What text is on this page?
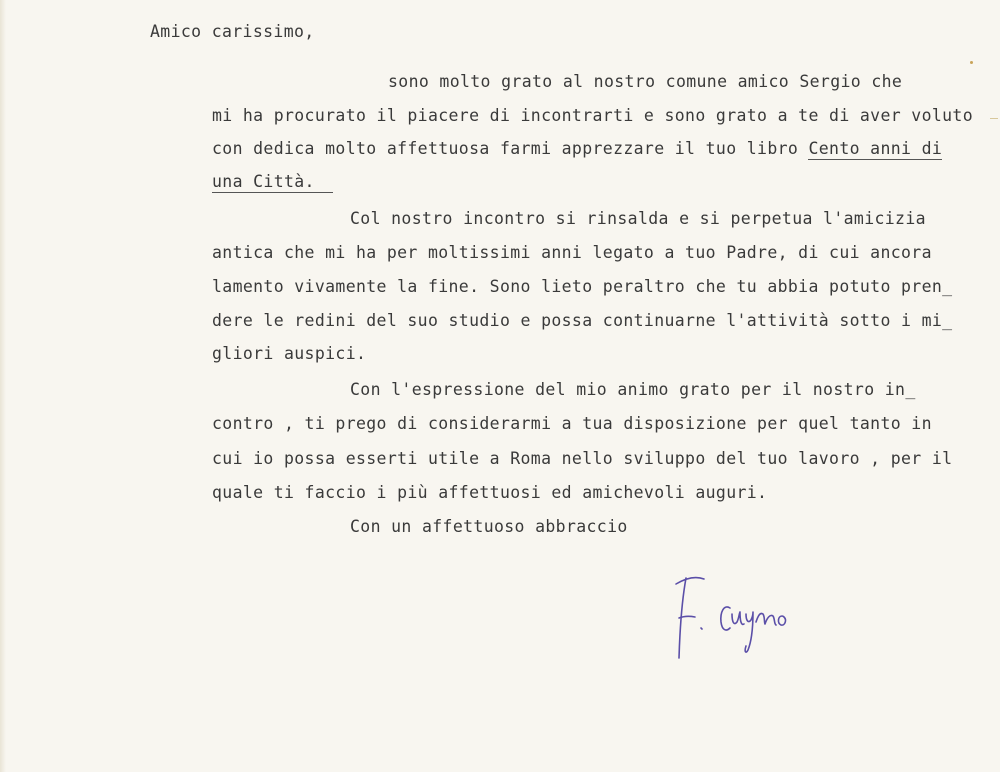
Amico carissimo,
sono molto grato al nostro comune amico Sergio che
mi ha procurato il piacere di incontrarti e sono grato a te di aver voluto
con dedica molto affettuosa farmi apprezzare il tuo libro Cento anni di
una Città.
Col nostro incontro si rinsalda e si perpetua l'amicizia
antica che mi ha per moltissimi anni legato a tuo Padre, di cui ancora
lamento vivamente la fine. Sono lieto peraltro che tu abbia potuto pren_
dere le redini del suo studio e possa continuarne l'attività sotto i mi_
gliori auspici.
Con l'espressione del mio animo grato per il nostro in_
contro , ti prego di considerarmi a tua disposizione per quel tanto in
cui io possa esserti utile a Roma nello sviluppo del tuo lavoro , per il
quale ti faccio i più affettuosi ed amichevoli auguri.
Con un affettuoso abbraccio
